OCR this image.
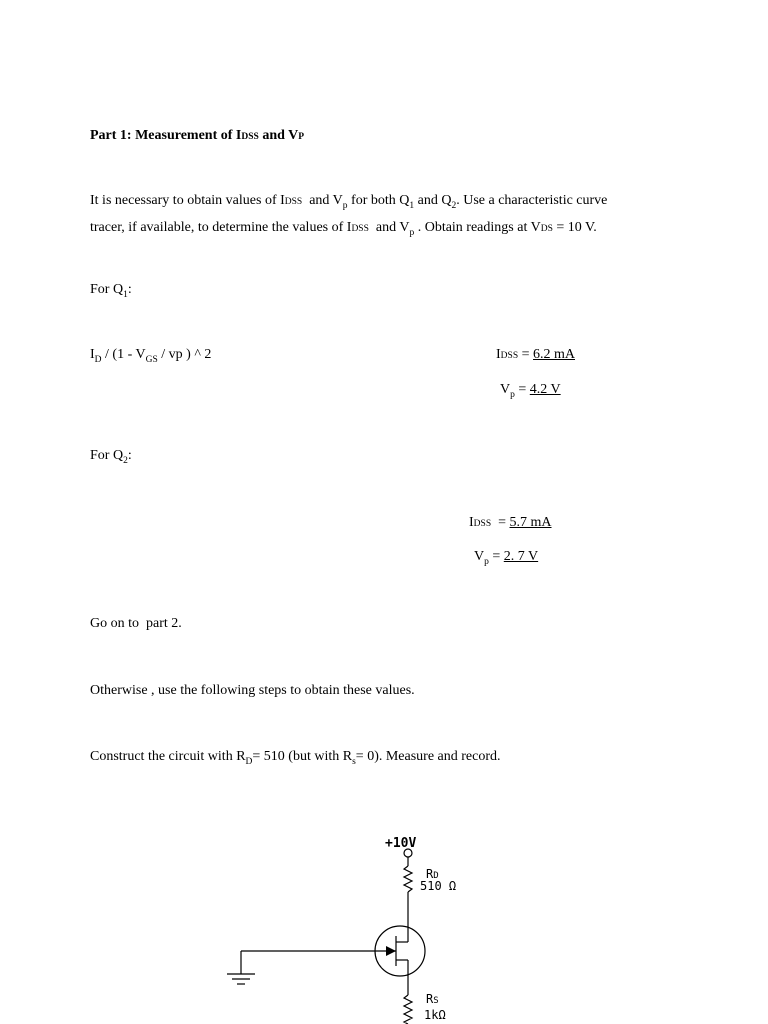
Part 1: Measurement of IDSS and VP
It is necessary to obtain values of IDSS  and $V_p$ for both $Q_1$ and $Q_2$. Use a characteristic curve
tracer, if available, to determine the values of IDSS  and $V_p$ . Obtain readings at VDS = 10 V.
For $Q_1$:
$I_D / (1 - V_{GS}$ / vp ) ^ 2	IDSS = 6.2 mA
$V_p = 4.2$ V
For $Q_2$:
IDSS  = 5.7 mA
$V_p = 2$. 7 V
Go on to  part 2.
Otherwise , use the following steps to obtain these values.
Construct the circuit with $R_D= 510$ (but with $R_s= 0$). Measure and record.
+10V
RD
510 Ω
RS
1kΩ
